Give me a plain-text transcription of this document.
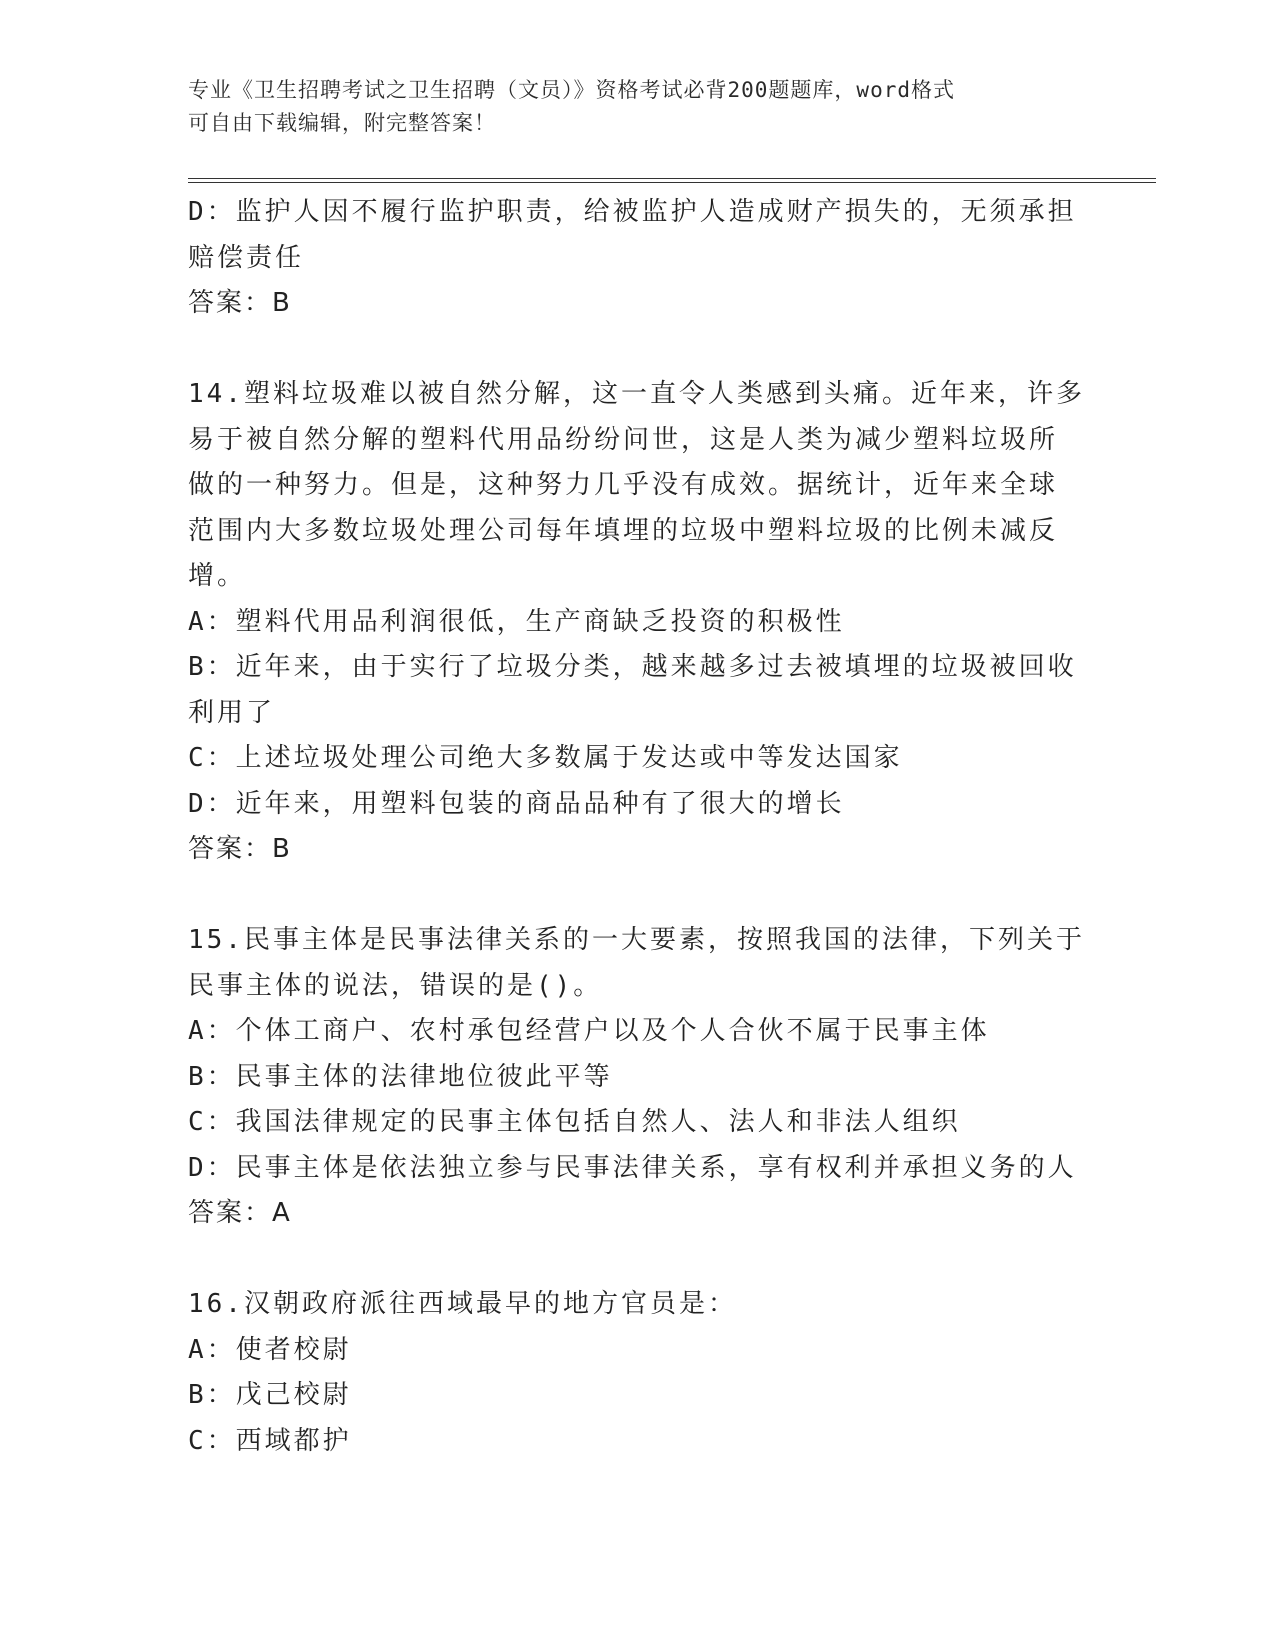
专业《卫生招聘考试之卫生招聘（文员）》资格考试必背200题题库，word格式
可自由下载编辑，附完整答案！
D：监护人因不履行监护职责，给被监护人造成财产损失的，无须承担
赔偿责任
答案：B
14.塑料垃圾难以被自然分解，这一直令人类感到头痛。近年来，许多
易于被自然分解的塑料代用品纷纷问世，这是人类为减少塑料垃圾所
做的一种努力。但是，这种努力几乎没有成效。据统计，近年来全球
范围内大多数垃圾处理公司每年填埋的垃圾中塑料垃圾的比例未减反
增。
A：塑料代用品利润很低，生产商缺乏投资的积极性
B：近年来，由于实行了垃圾分类，越来越多过去被填埋的垃圾被回收
利用了
C：上述垃圾处理公司绝大多数属于发达或中等发达国家
D：近年来，用塑料包装的商品品种有了很大的增长
答案：B
15.民事主体是民事法律关系的一大要素，按照我国的法律，下列关于
民事主体的说法，错误的是()。
A：个体工商户、农村承包经营户以及个人合伙不属于民事主体
B：民事主体的法律地位彼此平等
C：我国法律规定的民事主体包括自然人、法人和非法人组织
D：民事主体是依法独立参与民事法律关系，享有权利并承担义务的人
答案：A
16.汉朝政府派往西域最早的地方官员是：
A：使者校尉
B：戊己校尉
C：西域都护
